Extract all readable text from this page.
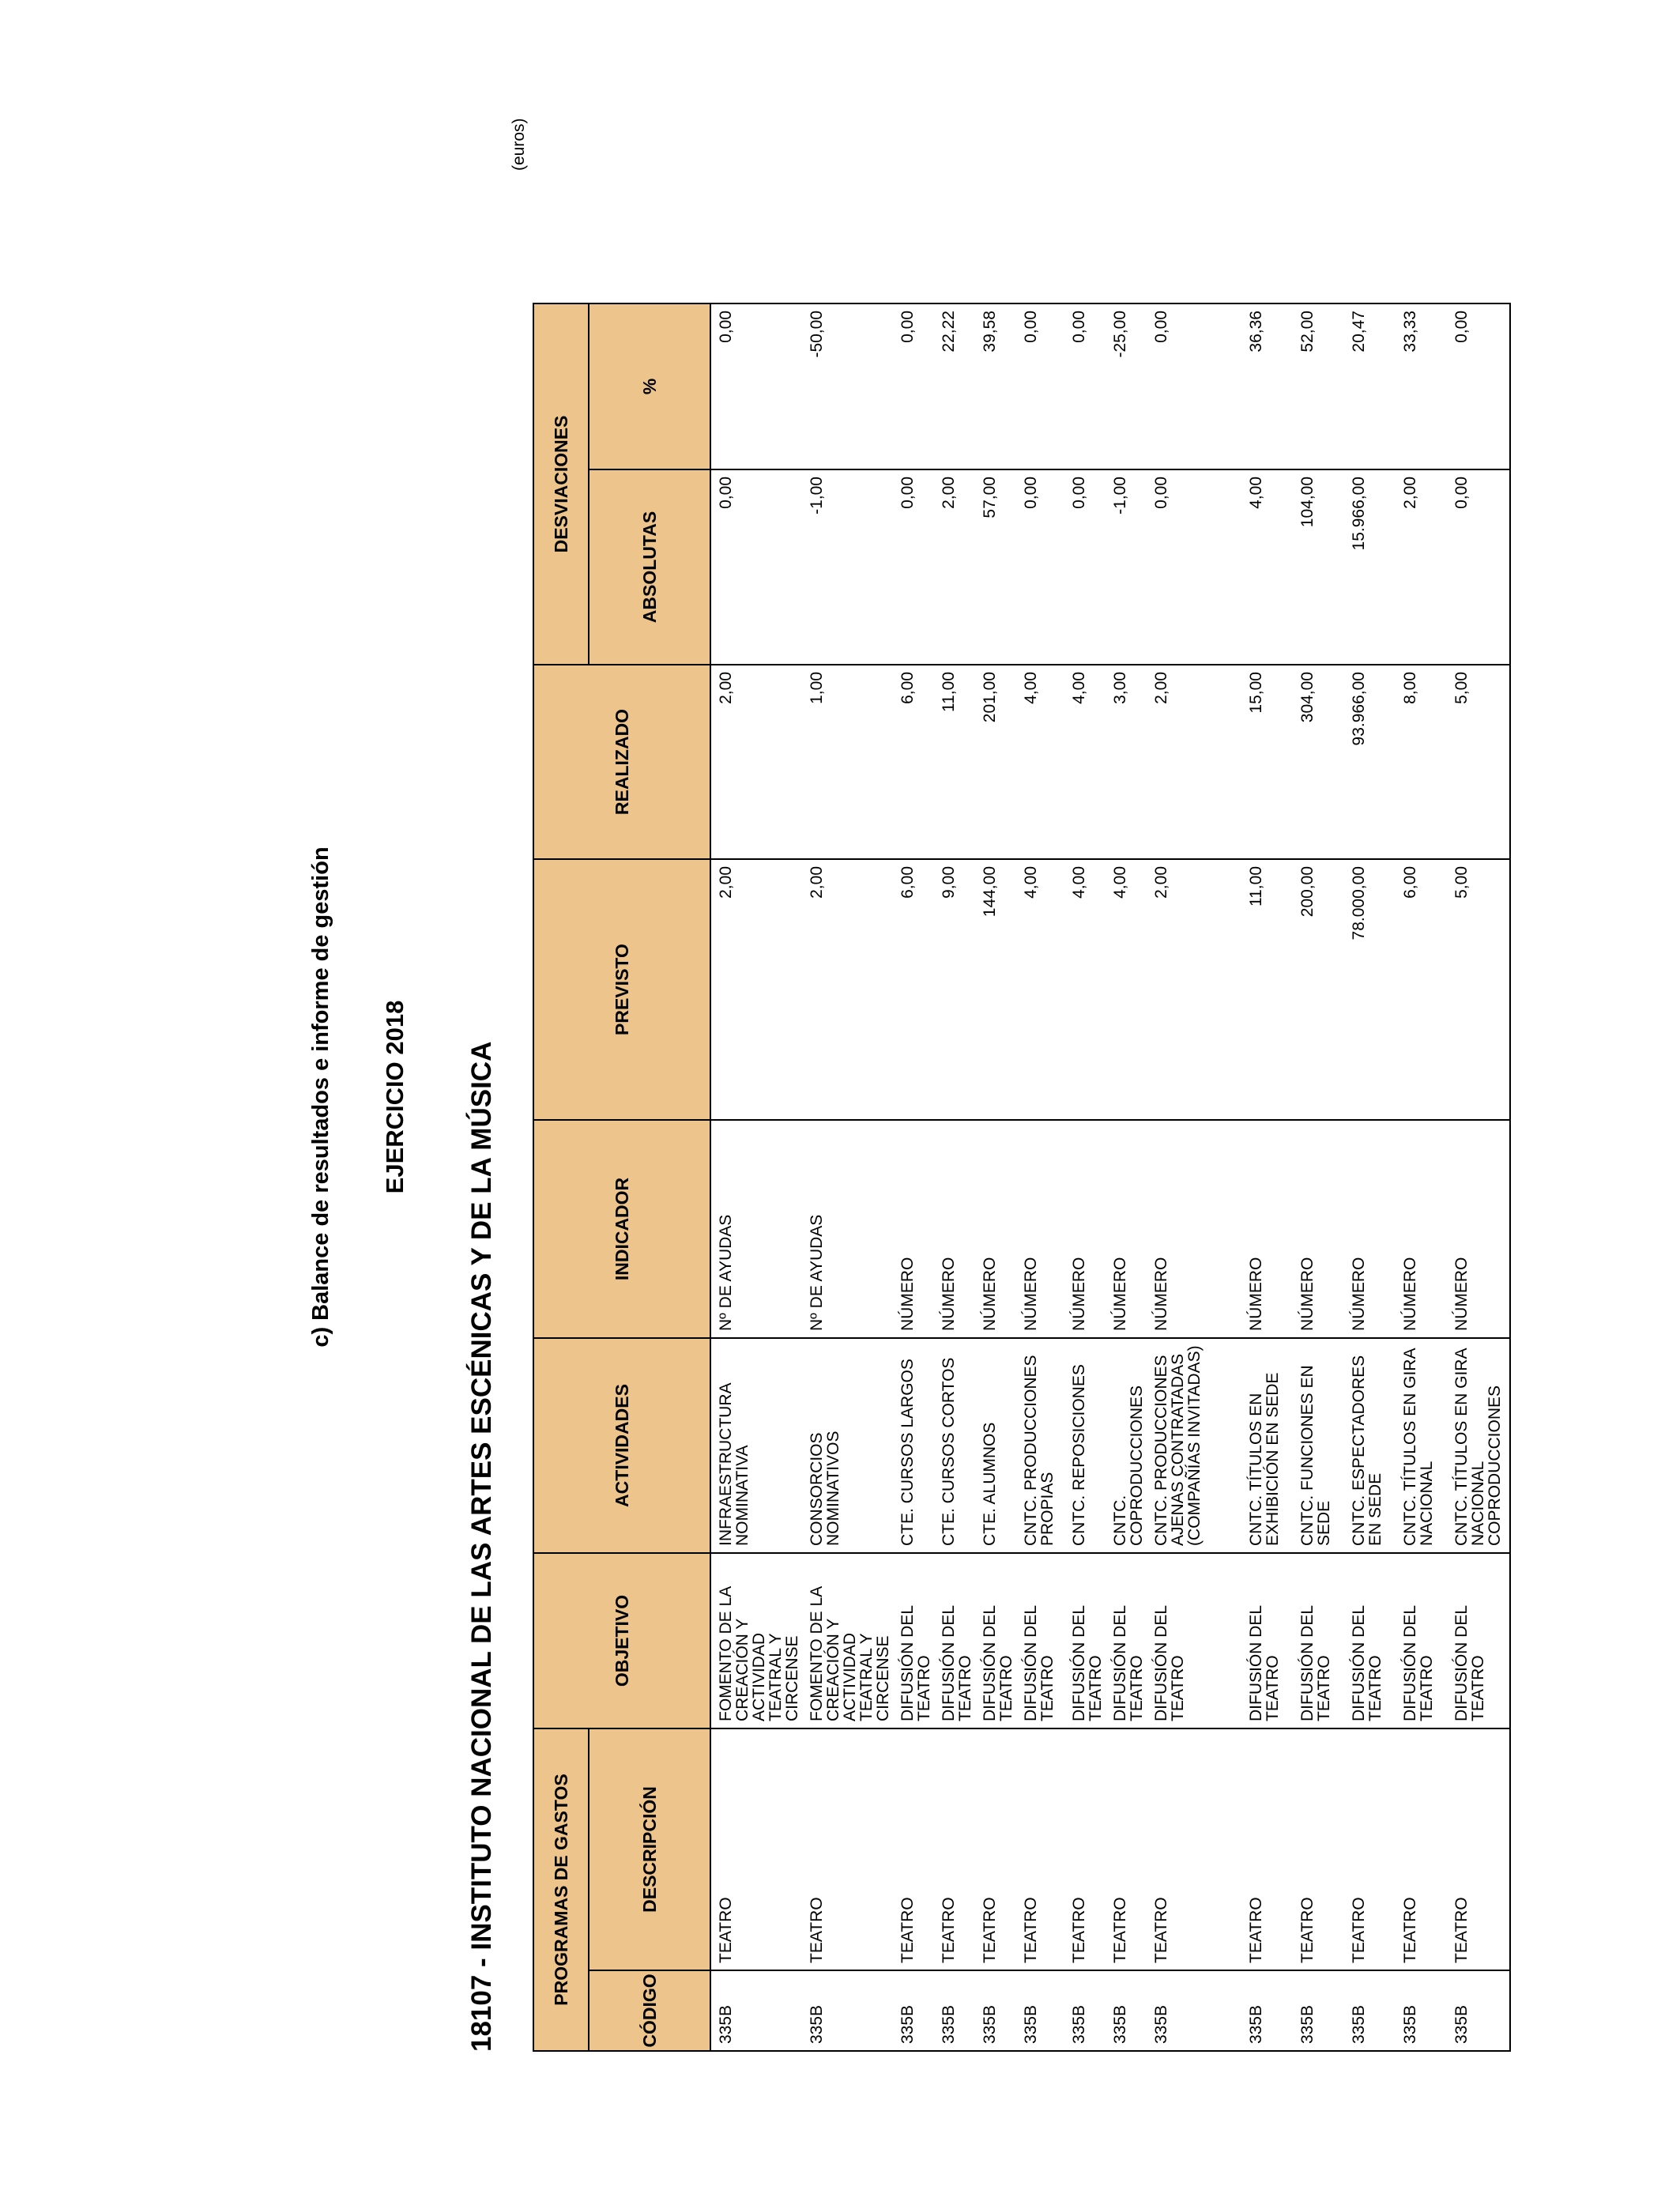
c) Balance de resultados e informe de gestión EJERCICIO 2018 18107 - INSTITUTO NACIONAL DE LAS ARTES ESCÉNICAS Y DE LA MÚSICA
(euros)
PROGRAMAS DE GASTOS		OBJETIVO	ACTIVIDADES	INDICADOR	PREVISTO	REALIZADO	DESVIACIONES	
CÓDIGO	DESCRIPCIÓN						ABSOLUTAS	%
335B	TEATRO	FOMENTO DE LA CREACIÓN Y ACTIVIDAD TEATRAL Y CIRCENSE	INFRAESTRUCTURA NOMINATIVA	Nº DE AYUDAS	2,00	2,00	0,00	0,00
335B	TEATRO	FOMENTO DE LA CREACIÓN Y ACTIVIDAD TEATRAL Y CIRCENSE	CONSORCIOS NOMINATIVOS	Nº DE AYUDAS	2,00	1,00	-1,00	-50,00
335B	TEATRO	DIFUSIÓN DEL TEATRO	CTE. CURSOS LARGOS	NÚMERO	6,00	6,00	0,00	0,00
335B	TEATRO	DIFUSIÓN DEL TEATRO	CTE. CURSOS CORTOS	NÚMERO	9,00	11,00	2,00	22,22
335B	TEATRO	DIFUSIÓN DEL TEATRO	CTE. ALUMNOS	NÚMERO	144,00	201,00	57,00	39,58
335B	TEATRO	DIFUSIÓN DEL TEATRO	CNTC. PRODUCCIONES PROPIAS	NÚMERO	4,00	4,00	0,00	0,00
335B	TEATRO	DIFUSIÓN DEL TEATRO	CNTC. REPOSICIONES	NÚMERO	4,00	4,00	0,00	0,00
335B	TEATRO	DIFUSIÓN DEL TEATRO	CNTC. COPRODUCCIONES	NÚMERO	4,00	3,00	-1,00	-25,00
335B	TEATRO	DIFUSIÓN DEL TEATRO	CNTC. PRODUCCIONES AJENAS CONTRATADAS (COMPAÑÍAS INVITADAS)	NÚMERO	2,00	2,00	0,00	0,00
335B	TEATRO	DIFUSIÓN DEL TEATRO	CNTC. TÍTULOS EN EXHIBICIÓN EN SEDE	NÚMERO	11,00	15,00	4,00	36,36
335B	TEATRO	DIFUSIÓN DEL TEATRO	CNTC. FUNCIONES EN SEDE	NÚMERO	200,00	304,00	104,00	52,00
335B	TEATRO	DIFUSIÓN DEL TEATRO	CNTC. ESPECTADORES EN SEDE	NÚMERO	78.000,00	93.966,00	15.966,00	20,47
335B	TEATRO	DIFUSIÓN DEL TEATRO	CNTC. TÍTULOS EN GIRA NACIONAL	NÚMERO	6,00	8,00	2,00	33,33
335B	TEATRO	DIFUSIÓN DEL TEATRO	CNTC. TÍTULOS EN GIRA NACIONAL COPRODUCCIONES	NÚMERO	5,00	5,00	0,00	0,00
